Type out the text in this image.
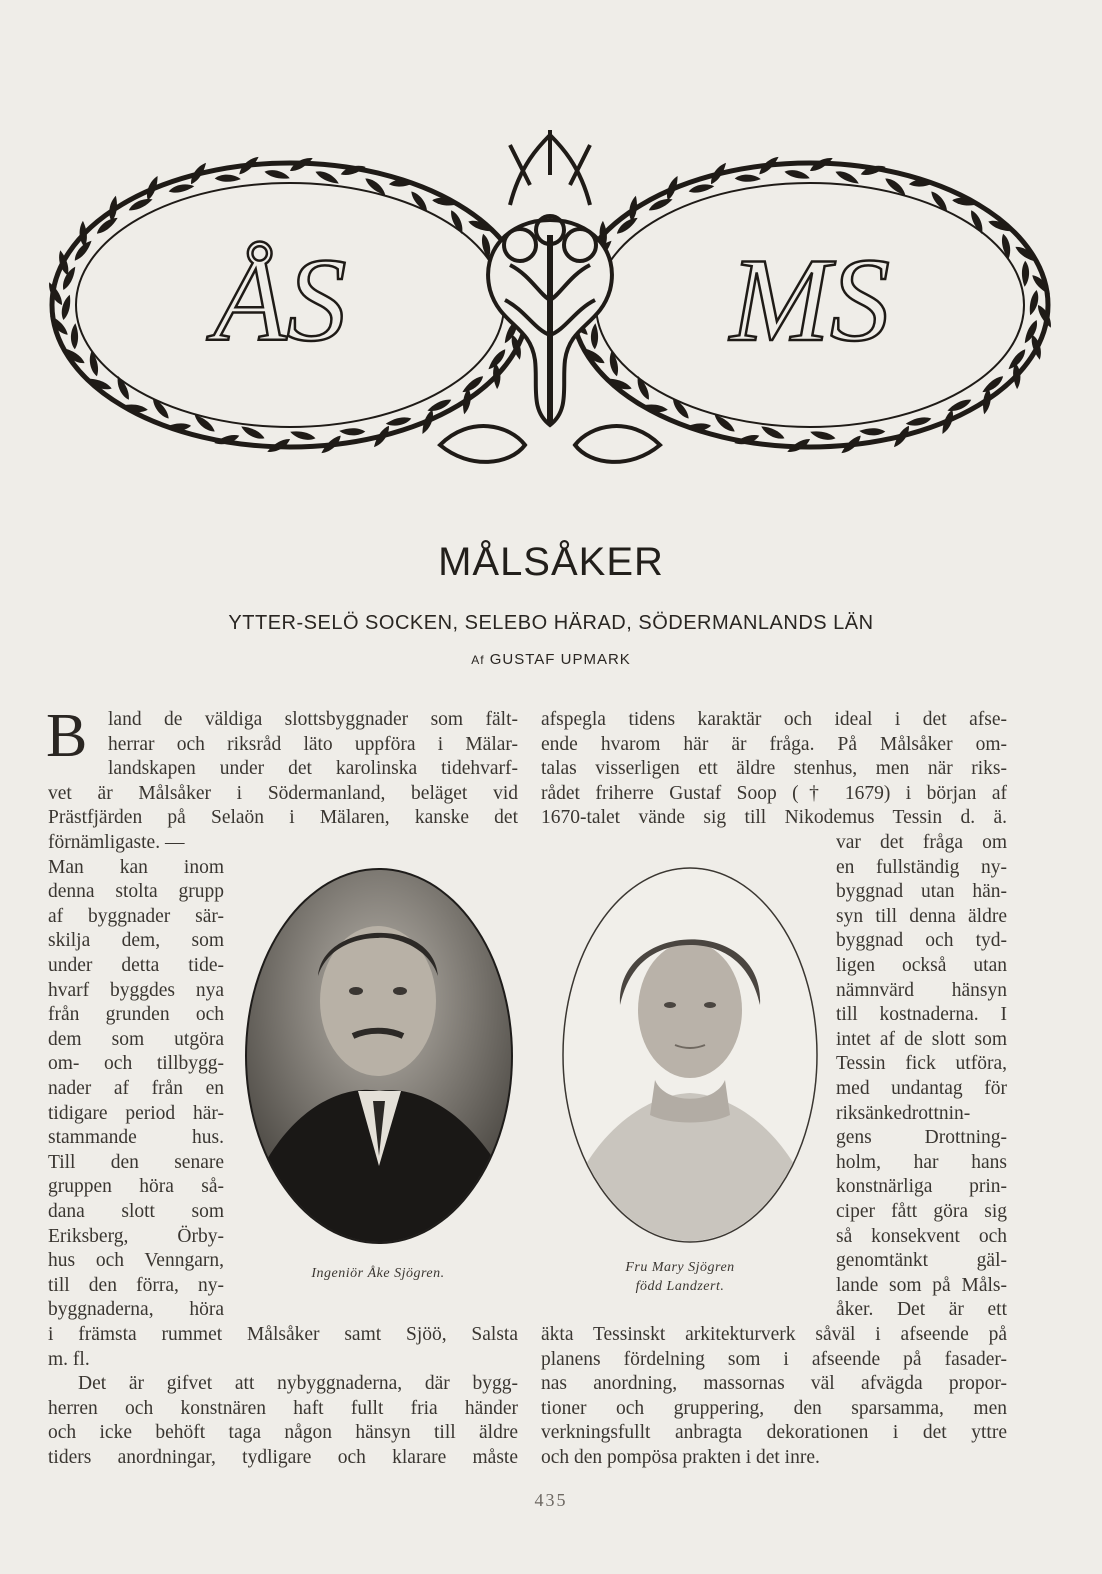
ÅS	MS
MÅLSÅKER
YTTER-SELÖ SOCKEN, SELEBO HÄRAD, SÖDERMANLANDS LÄN
Af GUSTAF UPMARK
B land de väldiga slottsbyggnader som fält-

herrar och riksråd läto uppföra i Mälar-

landskapen under det karolinska tidehvarf-

vet är Målsåker i Södermanland, beläget vid

Prästfjärden på Selaön i Mälaren, kanske det

förnämligaste. —

Man kan inom

denna stolta grupp

af byggnader sär-

skilja dem, som

under detta tide-

hvarf byggdes nya

från grunden och

dem som utgöra

om- och tillbygg-

nader af från en

tidigare period här-

stammande hus.

Till den senare

gruppen höra så-

dana slott som

Eriksberg, Örby-

hus och Venngarn,

till den förra, ny-

byggnaderna, höra

i främsta rummet Målsåker samt Sjöö, Salsta

m. fl.

Det är gifvet att nybyggnaderna, där bygg-

herren och konstnären haft fullt fria händer

och icke behöft taga någon hänsyn till äldre

tiders anordningar, tydligare och klarare måste

afspegla tidens karaktär och ideal i det afse-

ende hvarom här är fråga. På Målsåker om-

talas visserligen ett äldre stenhus, men när riks-

rådet friherre Gustaf Soop († 1679) i början af

1670-talet vände sig till Nikodemus Tessin d. ä.

var det fråga om

en fullständig ny-

byggnad utan hän-

syn till denna äldre

byggnad och tyd-

ligen också utan

nämnvärd hänsyn

till kostnaderna. I

intet af de slott som

Tessin fick utföra,

med undantag för

riksänkedrottnin-

gens Drottning-

holm, har hans

konstnärliga prin-

ciper fått göra sig

så konsekvent och

genomtänkt gäl-

lande som på Måls-

åker. Det är ett

äkta Tessinskt arkitekturverk såväl i afseende på

planens fördelning som i afseende på fasader-

nas anordning, massornas väl afvägda propor-

tioner och gruppering, den sparsamma, men

verkningsfullt anbragta dekorationen i det yttre

och den pompösa prakten i det inre.

Ingeniör Åke Sjögren.	Fru Mary Sjögren
född Landzert.
435
